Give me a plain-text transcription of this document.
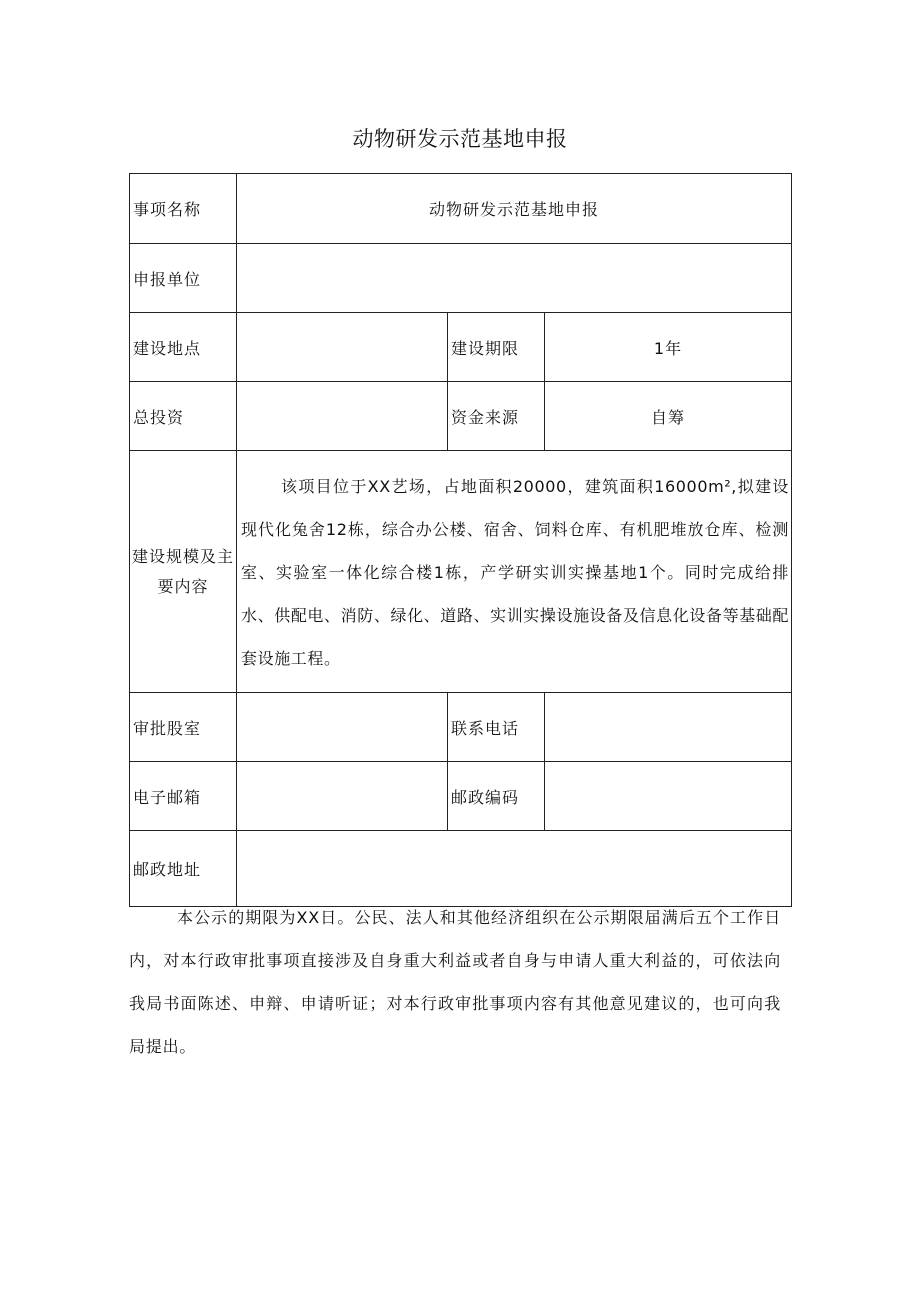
动物研发示范基地申报
事项名称	动物研发示范基地申报		
申报单位			
建设地点		建设期限	1年
总投资		资金来源	自筹
建设规模及主要内容	该项目位于XX艺场，占地面积20000，建筑面积16000m²,拟建设现代化兔舍12栋，综合办公楼、宿舍、饲料仓库、有机肥堆放仓库、检测室、实验室一体化综合楼1栋，产学研实训实操基地1个。同时完成给排水、供配电、消防、绿化、道路、实训实操设施设备及信息化设备等基础配套设施工程。		

审批股室		联系电话	
电子邮箱		邮政编码	
邮政地址			
本公示的期限为XX日。公民、法人和其他经济组织在公示期限届满后五个工作日内，对本行政审批事项直接涉及自身重大利益或者自身与申请人重大利益的，可依法向我局书面陈述、申辩、申请听证；对本行政审批事项内容有其他意见建议的，也可向我局提出。
